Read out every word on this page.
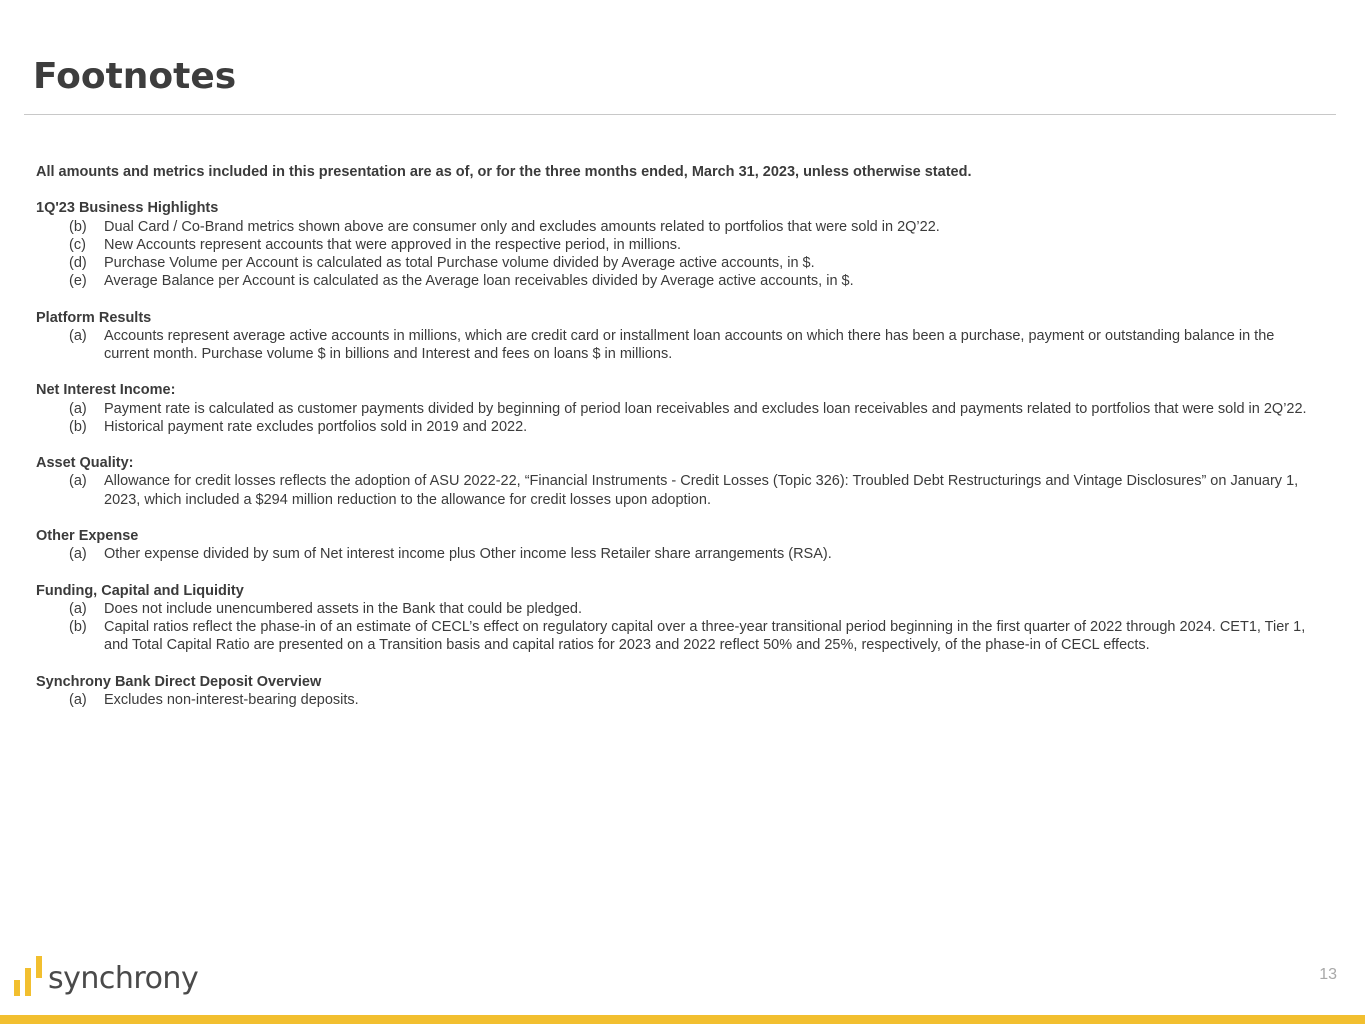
Footnotes

All amounts and metrics included in this presentation are as of, or for the three months ended, March 31, 2023, unless otherwise stated.

1Q'23 Business Highlights

(b)	Dual Card / Co-Brand metrics shown above are consumer only and excludes amounts related to portfolios that were sold in 2Q’22.
(c)	New Accounts represent accounts that were approved in the respective period, in millions.
(d)	Purchase Volume per Account is calculated as total Purchase volume divided by Average active accounts, in $.
(e)	Average Balance per Account is calculated as the Average loan receivables divided by Average active accounts, in $.

Platform Results

(a)	Accounts represent average active accounts in millions, which are credit card or installment loan accounts on which there has been a purchase, payment or outstanding balance in the current month. Purchase volume $ in billions and Interest and fees on loans $ in millions.

Net Interest Income:

(a)	Payment rate is calculated as customer payments divided by beginning of period loan receivables and excludes loan receivables and payments related to portfolios that were sold in 2Q’22.
(b)	Historical payment rate excludes portfolios sold in 2019 and 2022.

Asset Quality:

(a)	Allowance for credit losses reflects the adoption of ASU 2022-22, “Financial Instruments - Credit Losses (Topic 326): Troubled Debt Restructurings and Vintage Disclosures” on January 1, 2023, which included a $294 million reduction to the allowance for credit losses upon adoption.

Other Expense

(a)	Other expense divided by sum of Net interest income plus Other income less Retailer share arrangements (RSA).

Funding, Capital and Liquidity

(a)	Does not include unencumbered assets in the Bank that could be pledged.
(b)	Capital ratios reflect the phase-in of an estimate of CECL’s effect on regulatory capital over a three-year transitional period beginning in the first quarter of 2022 through 2024. CET1, Tier 1, and Total Capital Ratio are presented on a Transition basis and capital ratios for 2023 and 2022 reflect 50% and 25%, respectively, of the phase-in of CECL effects.

Synchrony Bank Direct Deposit Overview

(a)	Excludes non-interest-bearing deposits.
synchrony	13
